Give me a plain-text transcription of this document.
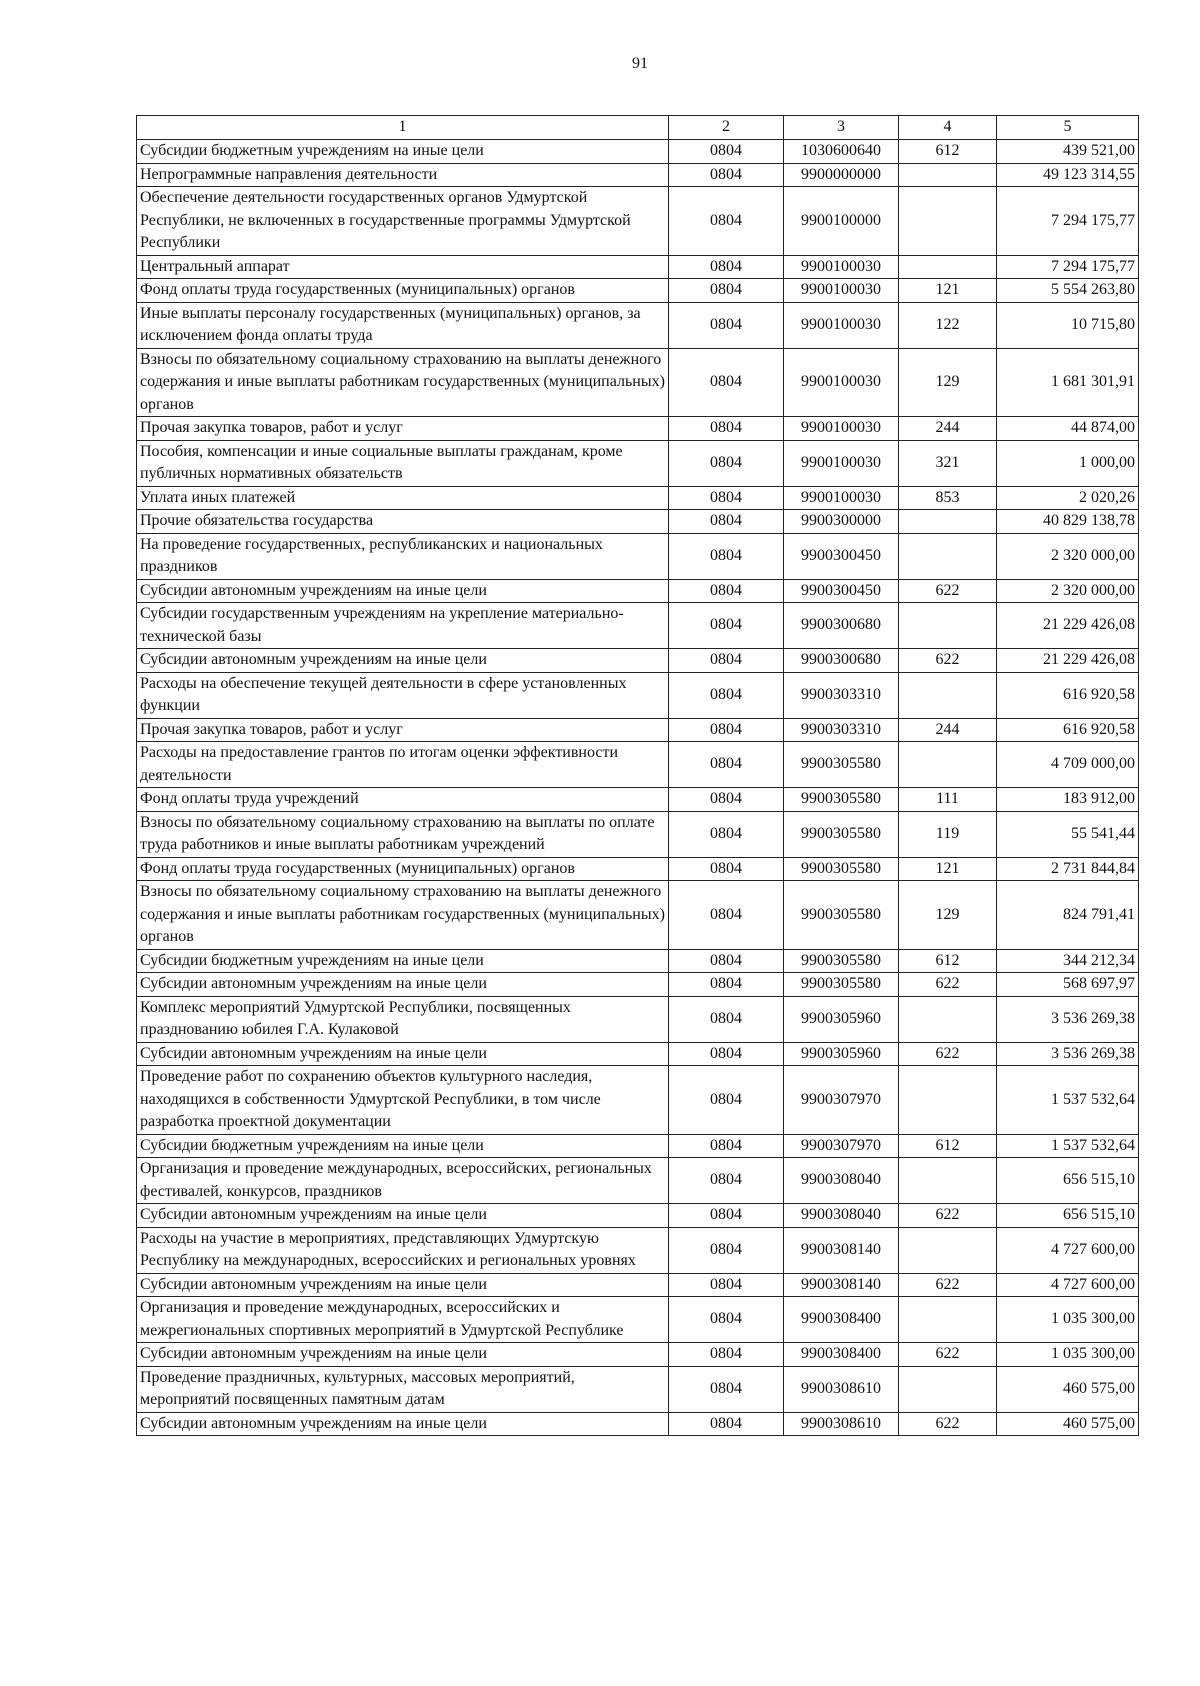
91
1	2	3	4	5
Субсидии бюджетным учреждениям на иные цели	0804	1030600640	612	439 521,00
Непрограммные направления деятельности	0804	9900000000		49 123 314,55
Обеспечение деятельности государственных органов Удмуртской Республики, не включенных в государственные программы Удмуртской Республики	0804	9900100000		7 294 175,77
Центральный аппарат	0804	9900100030		7 294 175,77
Фонд оплаты труда государственных (муниципальных) органов	0804	9900100030	121	5 554 263,80
Иные выплаты персоналу государственных (муниципальных) органов, за исключением фонда оплаты труда	0804	9900100030	122	10 715,80
Взносы по обязательному социальному страхованию на выплаты денежного содержания и иные выплаты работникам государственных (муниципальных) органов	0804	9900100030	129	1 681 301,91
Прочая закупка товаров, работ и услуг	0804	9900100030	244	44 874,00
Пособия, компенсации и иные социальные выплаты гражданам, кроме публичных нормативных обязательств	0804	9900100030	321	1 000,00
Уплата иных платежей	0804	9900100030	853	2 020,26
Прочие обязательства государства	0804	9900300000		40 829 138,78
На проведение государственных, республиканских и национальных праздников	0804	9900300450		2 320 000,00
Субсидии автономным учреждениям на иные цели	0804	9900300450	622	2 320 000,00
Субсидии государственным учреждениям на укрепление материально-технической базы	0804	9900300680		21 229 426,08
Субсидии автономным учреждениям на иные цели	0804	9900300680	622	21 229 426,08
Расходы на обеспечение текущей деятельности в сфере установленных функции	0804	9900303310		616 920,58
Прочая закупка товаров, работ и услуг	0804	9900303310	244	616 920,58
Расходы на предоставление грантов по итогам оценки эффективности деятельности	0804	9900305580		4 709 000,00
Фонд оплаты труда учреждений	0804	9900305580	111	183 912,00
Взносы по обязательному социальному страхованию на выплаты по оплате труда работников и иные выплаты работникам учреждений	0804	9900305580	119	55 541,44
Фонд оплаты труда государственных (муниципальных) органов	0804	9900305580	121	2 731 844,84
Взносы по обязательному социальному страхованию на выплаты денежного содержания и иные выплаты работникам государственных (муниципальных) органов	0804	9900305580	129	824 791,41
Субсидии бюджетным учреждениям на иные цели	0804	9900305580	612	344 212,34
Субсидии автономным учреждениям на иные цели	0804	9900305580	622	568 697,97
Комплекс мероприятий Удмуртской Республики, посвященных празднованию юбилея Г.А. Кулаковой	0804	9900305960		3 536 269,38
Субсидии автономным учреждениям на иные цели	0804	9900305960	622	3 536 269,38
Проведение работ по сохранению объектов культурного наследия, находящихся в собственности Удмуртской Республики, в том числе разработка проектной документации	0804	9900307970		1 537 532,64
Субсидии бюджетным учреждениям на иные цели	0804	9900307970	612	1 537 532,64
Организация и проведение международных, всероссийских, региональных фестивалей, конкурсов, праздников	0804	9900308040		656 515,10
Субсидии автономным учреждениям на иные цели	0804	9900308040	622	656 515,10
Расходы на участие в мероприятиях, представляющих Удмуртскую Республику на международных, всероссийских и региональных уровнях	0804	9900308140		4 727 600,00
Субсидии автономным учреждениям на иные цели	0804	9900308140	622	4 727 600,00
Организация и проведение международных, всероссийских и межрегиональных спортивных мероприятий в Удмуртской Республике	0804	9900308400		1 035 300,00
Субсидии автономным учреждениям на иные цели	0804	9900308400	622	1 035 300,00
Проведение праздничных, культурных, массовых мероприятий, мероприятий посвященных памятным датам	0804	9900308610		460 575,00
Субсидии автономным учреждениям на иные цели	0804	9900308610	622	460 575,00
